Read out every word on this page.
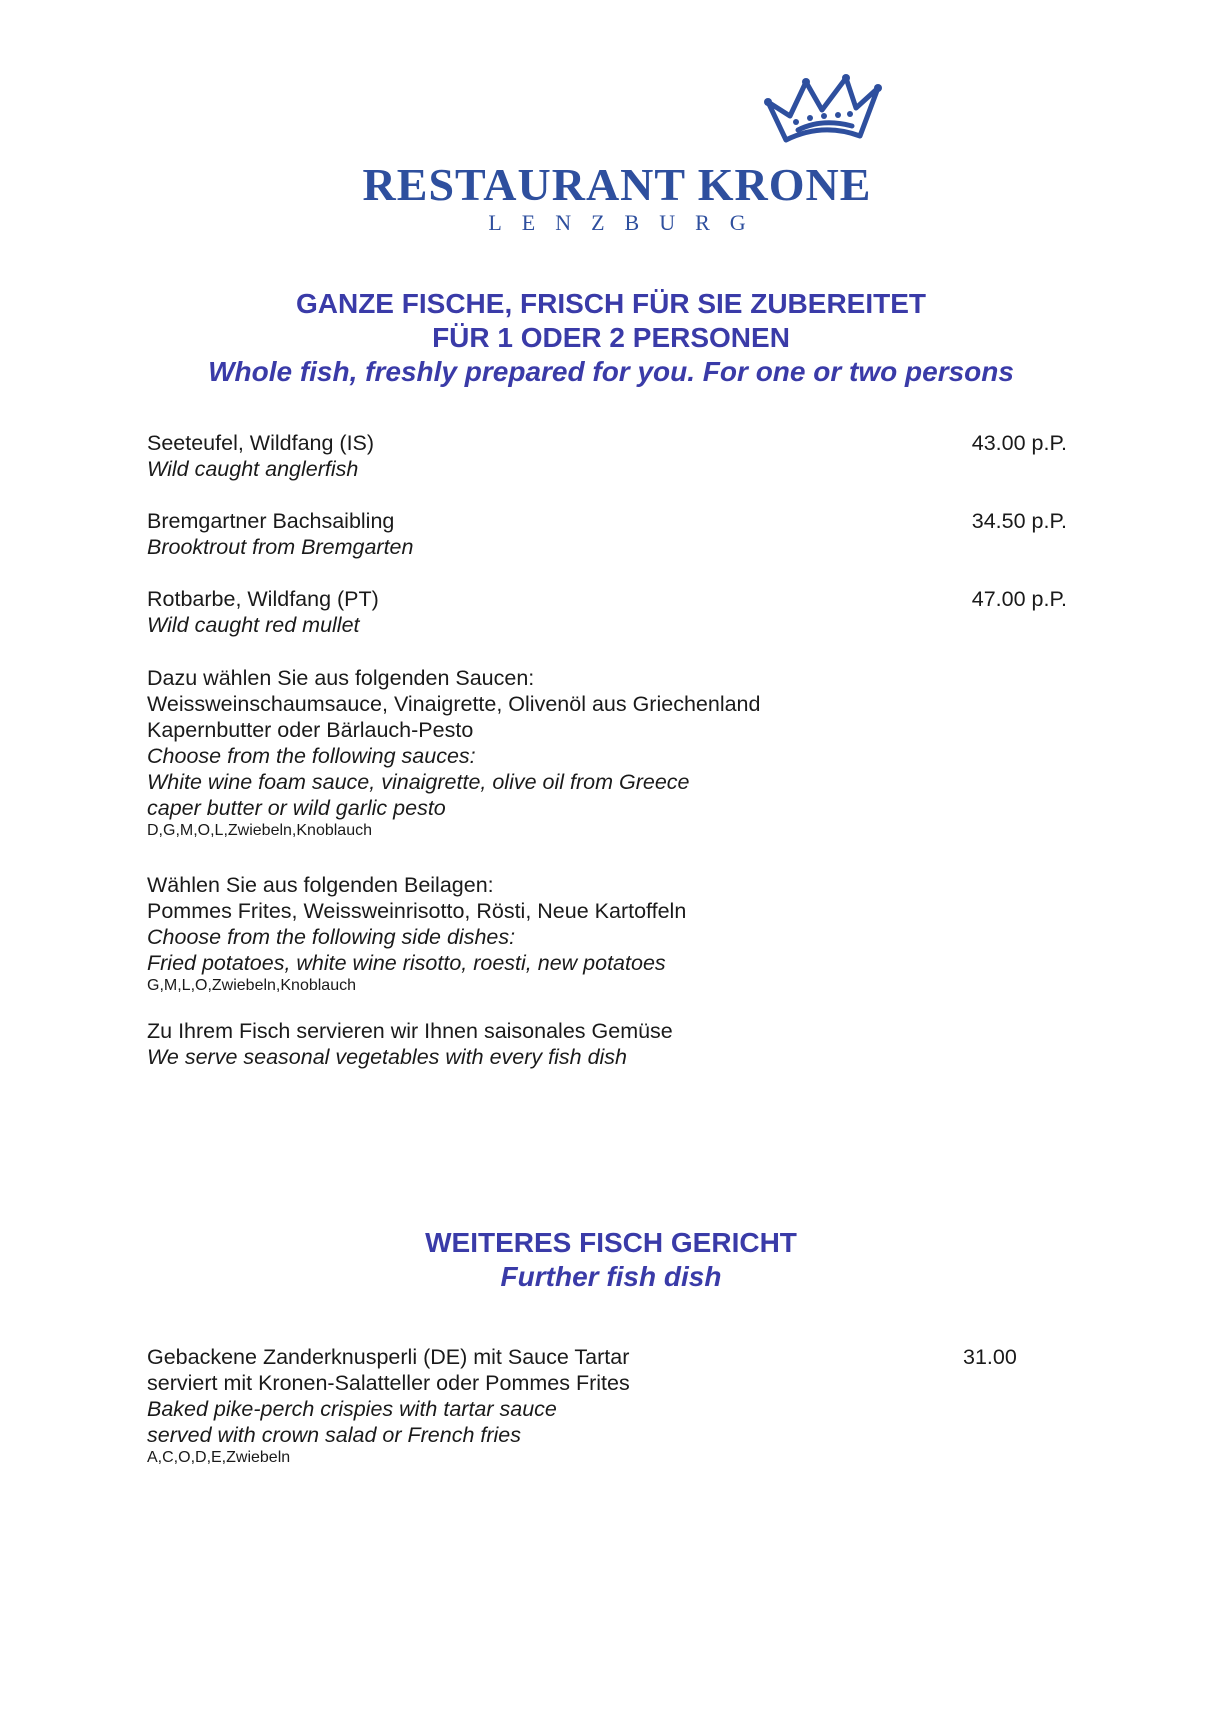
RESTAURANT KRONE
LENZBURG
GANZE FISCHE, FRISCH FÜR SIE ZUBEREITET
FÜR 1 ODER 2 PERSONEN
Whole fish, freshly prepared for you. For one or two persons
Seeteufel, Wildfang (IS)
Wild caught anglerfish
43.00 p.P.
Bremgartner Bachsaibling
Brooktrout from Bremgarten
34.50 p.P.
Rotbarbe, Wildfang (PT)
Wild caught red mullet
47.00 p.P.
Dazu wählen Sie aus folgenden Saucen:
Weissweinschaumsauce, Vinaigrette, Olivenöl aus Griechenland
Kapernbutter oder Bärlauch-Pesto
Choose from the following sauces:
White wine foam sauce, vinaigrette, olive oil from Greece
caper butter or wild garlic pesto
D,G,M,O,L,Zwiebeln,Knoblauch
Wählen Sie aus folgenden Beilagen:
Pommes Frites, Weissweinrisotto, Rösti, Neue Kartoffeln
Choose from the following side dishes:
Fried potatoes, white wine risotto, roesti, new potatoes
G,M,L,O,Zwiebeln,Knoblauch
Zu Ihrem Fisch servieren wir Ihnen saisonales Gemüse
We serve seasonal vegetables with every fish dish
WEITERES FISCH GERICHT
Further fish dish
Gebackene Zanderknusperli (DE) mit Sauce Tartar
serviert mit Kronen-Salatteller oder Pommes Frites
Baked pike-perch crispies with tartar sauce
served with crown salad or French fries
A,C,O,D,E,Zwiebeln
31.00
